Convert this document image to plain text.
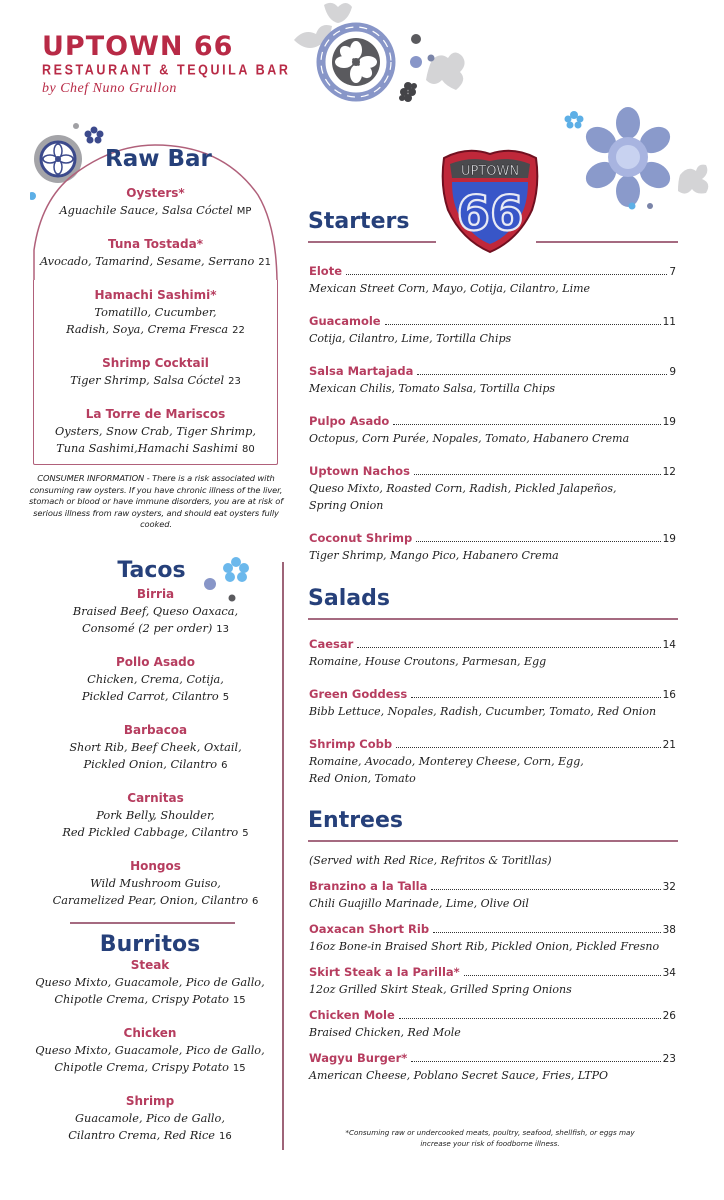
UPTOWN 66
RESTAURANT & TEQUILA BAR
by Chef Nuno Grullon
UPTOWN
66
Raw Bar
Oysters*
Aguachile Sauce, Salsa Cóctel MP
Tuna Tostada*
Avocado, Tamarind, Sesame, Serrano 21
Hamachi Sashimi*
Tomatillo, Cucumber,
Radish, Soya, Crema Fresca 22
Shrimp Cocktail
Tiger Shrimp, Salsa Cóctel 23
La Torre de Mariscos
Oysters, Snow Crab, Tiger Shrimp,
Tuna Sashimi,Hamachi Sashimi 80
CONSUMER INFORMATION - There is a risk associated with consuming raw oysters. If you have chronic illness of the liver, stomach or blood or have immune disorders, you are at risk of serious illness from raw oysters, and should eat oysters fully cooked.
Tacos
Birria
Braised Beef, Queso Oaxaca,
Consomé (2 per order) 13
Pollo Asado
Chicken, Crema, Cotija,
Pickled Carrot, Cilantro 5
Barbacoa
Short Rib, Beef Cheek, Oxtail,
Pickled Onion, Cilantro 6
Carnitas
Pork Belly, Shoulder,
Red Pickled Cabbage, Cilantro 5
Hongos
Wild Mushroom Guiso,
Caramelized Pear, Onion, Cilantro 6
Burritos
Steak
Queso Mixto, Guacamole, Pico de Gallo,
Chipotle Crema, Crispy Potato 15
Chicken
Queso Mixto, Guacamole, Pico de Gallo,
Chipotle Crema, Crispy Potato 15
Shrimp
Guacamole, Pico de Gallo,
Cilantro Crema, Red Rice 16
Starters
Elote	7
Mexican Street Corn, Mayo, Cotija, Cilantro, Lime
Guacamole	11
Cotija, Cilantro, Lime, Tortilla Chips
Salsa Martajada	9
Mexican Chilis, Tomato Salsa, Tortilla Chips
Pulpo Asado	19
Octopus, Corn Purée, Nopales, Tomato, Habanero Crema
Uptown Nachos	12
Queso Mixto, Roasted Corn, Radish, Pickled Jalapeños,
Spring Onion
Coconut Shrimp	19
Tiger Shrimp, Mango Pico, Habanero Crema
Salads
Caesar	14
Romaine, House Croutons, Parmesan, Egg
Green Goddess	16
Bibb Lettuce, Nopales, Radish, Cucumber, Tomato, Red Onion
Shrimp Cobb	21
Romaine, Avocado, Monterey Cheese, Corn, Egg,
Red Onion, Tomato
Entrees
(Served with Red Rice, Refritos & Toritllas)
Branzino a la Talla	32
Chili Guajillo Marinade, Lime, Olive Oil
Oaxacan Short Rib	38
16oz Bone-in Braised Short Rib, Pickled Onion, Pickled Fresno
Skirt Steak a la Parilla*	34
12oz Grilled Skirt Steak, Grilled Spring Onions
Chicken Mole	26
Braised Chicken, Red Mole
Wagyu Burger*	23
American Cheese, Poblano Secret Sauce, Fries, LTPO
*Consuming raw or undercooked meats, poultry, seafood, shellfish, or eggs may increase your risk of foodborne illness.
